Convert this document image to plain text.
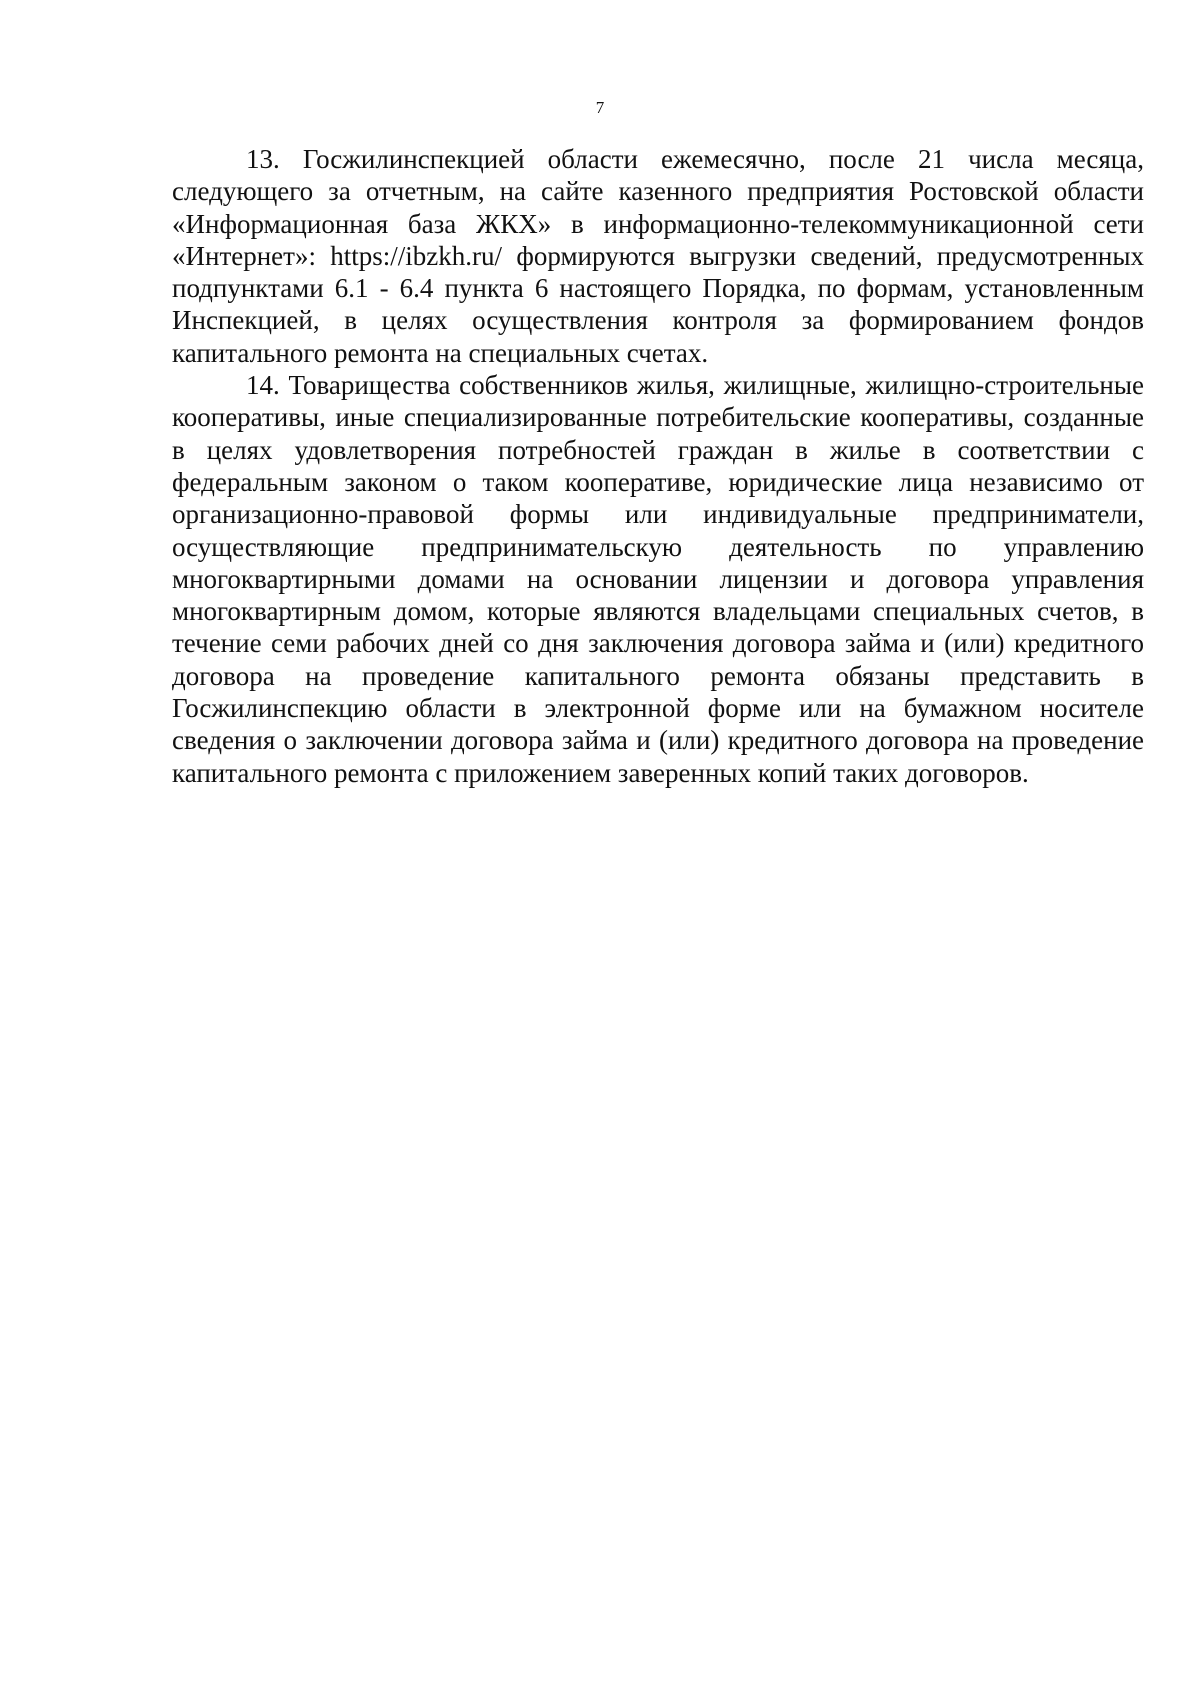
7

13. Госжилинспекцией области ежемесячно, после 21 числа месяца, следующего за отчетным, на сайте казенного предприятия Ростовской области «Информационная база ЖКХ» в информационно-телекоммуникационной сети «Интернет»: https://ibzkh.ru/ формируются выгрузки сведений, предусмотренных подпунктами 6.1 - 6.4 пункта 6 настоящего Порядка, по формам, установленным Инспекцией, в целях осуществления контроля за формированием фондов капитального ремонта на специальных счетах.

14. Товарищества собственников жилья, жилищные, жилищно-строительные кооперативы, иные специализированные потребительские кооперативы, созданные в целях удовлетворения потребностей граждан в жилье в соответствии с федеральным законом о таком кооперативе, юридические лица независимо от организационно-правовой формы или индивидуальные предприниматели, осуществляющие предпринимательскую деятельность по управлению многоквартирными домами на основании лицензии и договора управления многоквартирным домом, которые являются владельцами специальных счетов, в течение семи рабочих дней со дня заключения договора займа и (или) кредитного договора на проведение капитального ремонта обязаны представить в Госжилинспекцию области в электронной форме или на бумажном носителе сведения о заключении договора займа и (или) кредитного договора на проведение капитального ремонта с приложением заверенных копий таких договоров.
